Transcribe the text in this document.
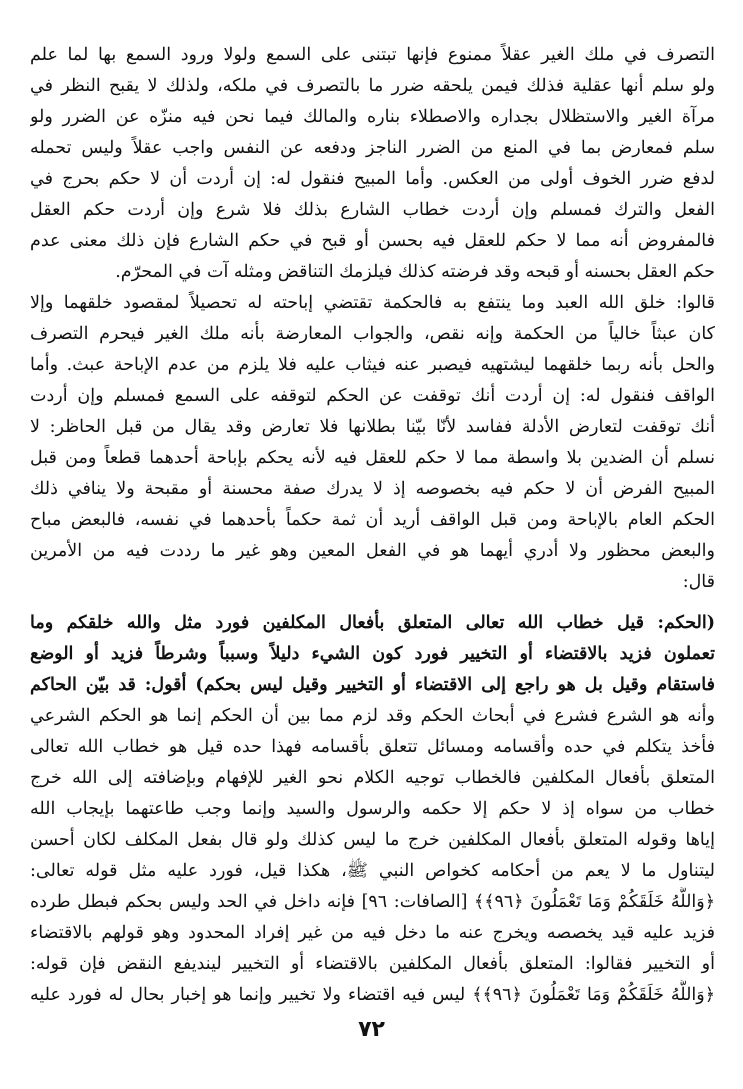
التصرف في ملك الغير عقلاً ممنوع فإنها تبتنى على السمع ولولا ورود السمع بها لما علم
ولو سلم أنها عقلية فذلك فيمن يلحقه ضرر ما بالتصرف في ملكه، ولذلك لا يقبح النظر في
مرآة الغير والاستظلال بجداره والاصطلاء بناره والمالك فيما نحن فيه منزّه عن الضرر ولو
سلم فمعارض بما في المنع من الضرر الناجز ودفعه عن النفس واجب عقلاً وليس تحمله
لدفع ضرر الخوف أولى من العكس. وأما المبيح فنقول له: إن أردت أن لا حكم بحرج في
الفعل والترك فمسلم وإن أردت خطاب الشارع بذلك فلا شرع وإن أردت حكم العقل
فالمفروض أنه مما لا حكم للعقل فيه بحسن أو قبح في حكم الشارع فإن ذلك معنى عدم
حكم العقل بحسنه أو قبحه وقد فرضته كذلك فيلزمك التناقض ومثله آت في المحرّم.
قالوا: خلق الله العبد وما ينتفع به فالحكمة تقتضي إباحته له تحصيلاً لمقصود خلقهما وإلا
كان عبثاً خالياً من الحكمة وإنه نقص، والجواب المعارضة بأنه ملك الغير فيحرم التصرف
والحل بأنه ربما خلقهما ليشتهيه فيصبر عنه فيثاب عليه فلا يلزم من عدم الإباحة عبث. وأما
الواقف فنقول له: إن أردت أنك توقفت عن الحكم لتوقفه على السمع فمسلم وإن أردت
أنك توقفت لتعارض الأدلة ففاسد لأنّا بيّنا بطلانها فلا تعارض وقد يقال من قبل الحاظر: لا
نسلم أن الضدين بلا واسطة مما لا حكم للعقل فيه لأنه يحكم بإباحة أحدهما قطعاً ومن قبل
المبيح الفرض أن لا حكم فيه بخصوصه إذ لا يدرك صفة محسنة أو مقبحة ولا ينافي ذلك
الحكم العام بالإباحة ومن قبل الواقف أريد أن ثمة حكماً بأحدهما في نفسه، فالبعض مباح
والبعض محظور ولا أدري أيهما هو في الفعل المعين وهو غير ما رددت فيه من الأمرين
قال:
(الحكم: قيل خطاب الله تعالى المتعلق بأفعال المكلفين فورد مثل والله خلقكم وما
تعملون فزيد بالاقتضاء أو التخيير فورد كون الشيء دليلاً وسبباً وشرطاً فزيد أو الوضع
فاستقام وقيل بل هو راجع إلى الاقتضاء أو التخيير وقيل ليس بحكم) أقول: قد بيّن الحاكم
وأنه هو الشرع فشرع في أبحاث الحكم وقد لزم مما بين أن الحكم إنما هو الحكم الشرعي
فأخذ يتكلم في حده وأقسامه ومسائل تتعلق بأقسامه فهذا حده قيل هو خطاب الله تعالى
المتعلق بأفعال المكلفين فالخطاب توجيه الكلام نحو الغير للإفهام وبإضافته إلى الله خرج
خطاب من سواه إذ لا حكم إلا حكمه والرسول والسيد وإنما وجب طاعتهما بإيجاب الله
إياها وقوله المتعلق بأفعال المكلفين خرج ما ليس كذلك ولو قال بفعل المكلف لكان أحسن
ليتناول ما لا يعم من أحكامه كخواص النبي ﷺ، هكذا قيل، فورد عليه مثل قوله تعالى:
﴿وَاللَّهُ خَلَقَكُمْ وَمَا تَعْمَلُونَ ﴿٩٦﴾﴾ [الصافات: ٩٦] فإنه داخل في الحد وليس بحكم فبطل طرده
فزيد عليه قيد يخصصه ويخرج عنه ما دخل فيه من غير إفراد المحدود وهو قولهم بالاقتضاء
أو التخيير فقالوا: المتعلق بأفعال المكلفين بالاقتضاء أو التخيير لينديفع النقض فإن قوله:
﴿وَاللَّهُ خَلَقَكُمْ وَمَا تَعْمَلُونَ ﴿٩٦﴾﴾ ليس فيه اقتضاء ولا تخيير وإنما هو إخبار بحال له فورد عليه
٧٢
